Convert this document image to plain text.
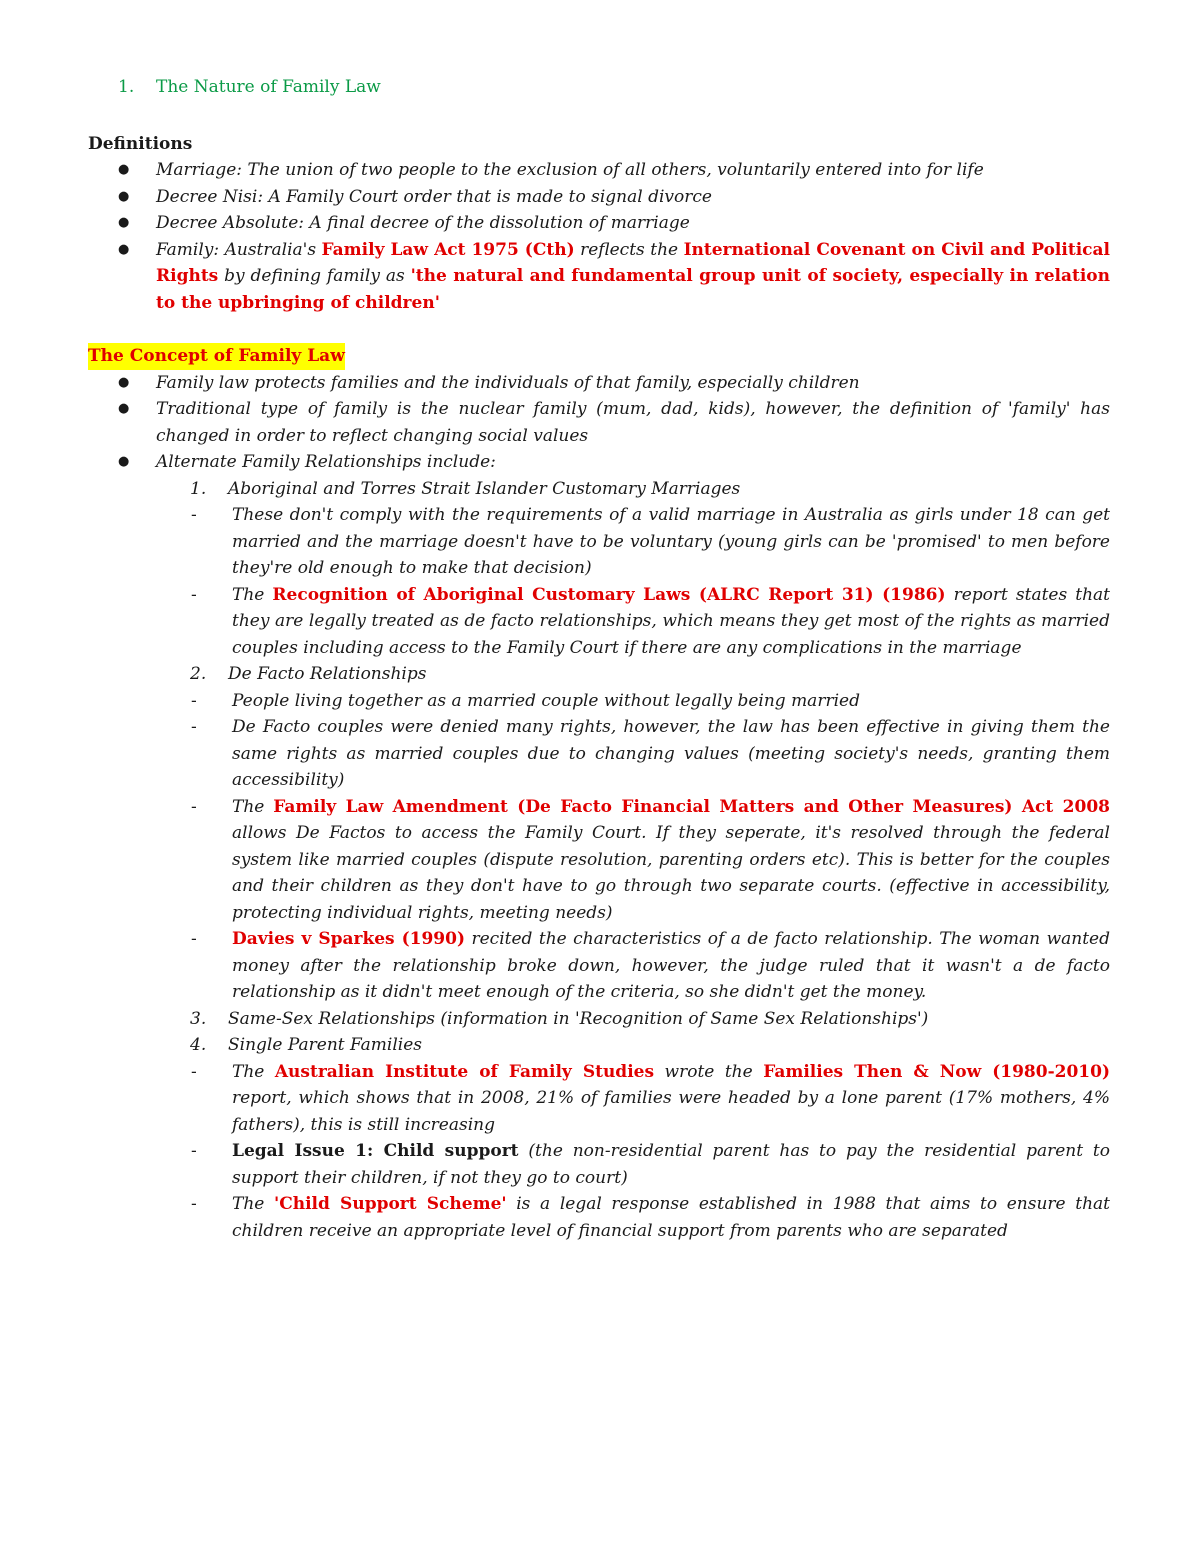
1. The Nature of Family Law
Definitions
● Marriage: The union of two people to the exclusion of all others, voluntarily entered into for life
● Decree Nisi: A Family Court order that is made to signal divorce
● Decree Absolute: A final decree of the dissolution of marriage
● Family: Australia's Family Law Act 1975 (Cth) reflects the International Covenant on Civil and Political Rights by defining family as 'the natural and fundamental group unit of society, especially in relation to the upbringing of children'
The Concept of Family Law
● Family law protects families and the individuals of that family, especially children
● Traditional type of family is the nuclear family (mum, dad, kids), however, the definition of 'family' has changed in order to reflect changing social values
● Alternate Family Relationships include:
1. Aboriginal and Torres Strait Islander Customary Marriages
- These don't comply with the requirements of a valid marriage in Australia as girls under 18 can get married and the marriage doesn't have to be voluntary (young girls can be 'promised' to men before they're old enough to make that decision)
- The Recognition of Aboriginal Customary Laws (ALRC Report 31) (1986) report states that they are legally treated as de facto relationships, which means they get most of the rights as married couples including access to the Family Court if there are any complications in the marriage
2. De Facto Relationships
- People living together as a married couple without legally being married
- De Facto couples were denied many rights, however, the law has been effective in giving them the same rights as married couples due to changing values (meeting society's needs, granting them accessibility)
- The Family Law Amendment (De Facto Financial Matters and Other Measures) Act 2008 allows De Factos to access the Family Court. If they seperate, it's resolved through the federal system like married couples (dispute resolution, parenting orders etc). This is better for the couples and their children as they don't have to go through two separate courts. (effective in accessibility, protecting individual rights, meeting needs)
- Davies v Sparkes (1990) recited the characteristics of a de facto relationship. The woman wanted money after the relationship broke down, however, the judge ruled that it wasn't a de facto relationship as it didn't meet enough of the criteria, so she didn't get the money.
3. Same-Sex Relationships (information in 'Recognition of Same Sex Relationships')
4. Single Parent Families
- The Australian Institute of Family Studies wrote the Families Then & Now (1980-2010) report, which shows that in 2008, 21% of families were headed by a lone parent (17% mothers, 4% fathers), this is still increasing
- Legal Issue 1: Child support (the non-residential parent has to pay the residential parent to support their children, if not they go to court)
- The 'Child Support Scheme' is a legal response established in 1988 that aims to ensure that children receive an appropriate level of financial support from parents who are separated
